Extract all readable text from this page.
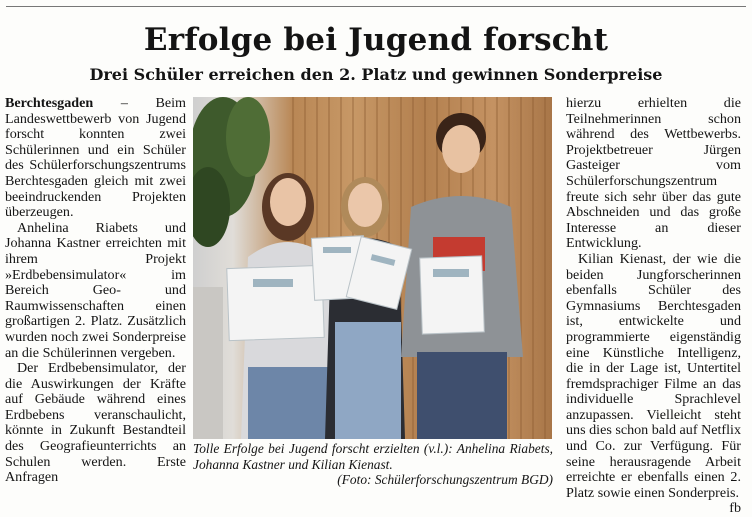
Erfolge bei Jugend forscht
Drei Schüler erreichen den 2. Platz und gewinnen Sonderpreise

Berchtesgaden – Beim Landeswettbewerb von Jugend forscht konnten zwei Schülerinnen und ein Schüler des Schülerforschungszentrums Berchtesgaden gleich mit zwei beeindruckenden Projekten überzeugen.

Anhelina Riabets und Johanna Kastner erreichten mit ihrem Projekt »Erdbebensimulator« im Bereich Geo- und Raumwissenschaften einen großartigen 2. Platz. Zusätzlich wurden noch zwei Sonderpreise an die Schülerinnen vergeben.

Der Erdbebensimulator, der die Auswirkungen der Kräfte auf Gebäude während eines Erdbebens veranschaulicht, könnte in Zukunft Bestandteil des Geografieunterrichts an Schulen werden. Erste Anfragen

Tolle Erfolge bei Jugend forscht erzielten (v.l.): Anhelina Riabets, Johanna Kastner und Kilian Kienast.
(Foto: Schülerforschungszentrum BGD)

hierzu erhielten die Teilnehmerinnen schon während des Wettbewerbs. Projektbetreuer Jürgen Gasteiger vom Schülerforschungszentrum freute sich sehr über das gute Abschneiden und das große Interesse an dieser Entwicklung.

Kilian Kienast, der wie die beiden Jungforscherinnen ebenfalls Schüler des Gymnasiums Berchtesgaden ist, entwickelte und programmierte eigenständig eine Künstliche Intelligenz, die in der Lage ist, Untertitel fremdsprachiger Filme an das individuelle Sprachlevel anzupassen. Vielleicht steht uns dies schon bald auf Netflix und Co. zur Verfügung. Für seine herausragende Arbeit erreichte er ebenfalls einen 2. Platz sowie einen Sonderpreis.
fb
